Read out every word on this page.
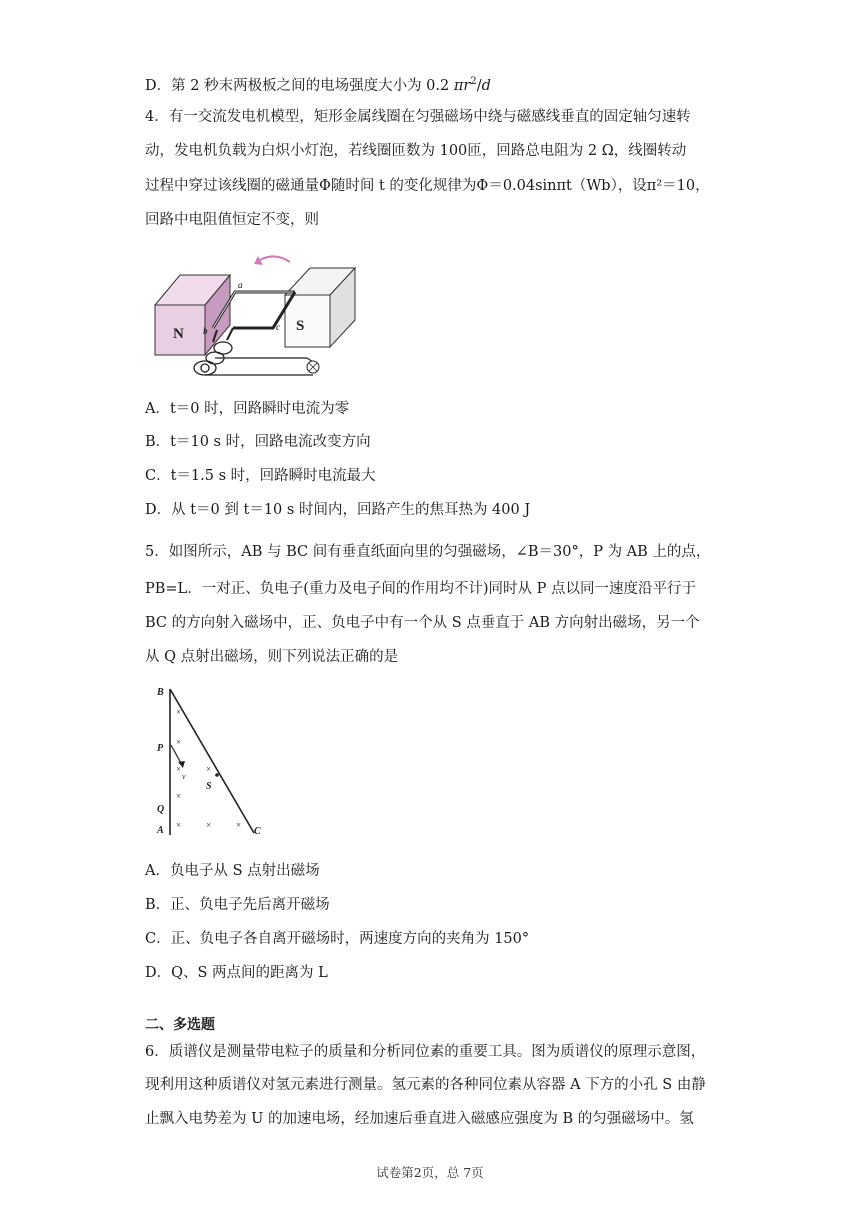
D．第 2 秒末两极板之间的电场强度大小为 0.2 $\pi r^2/d$
4．有一交流发电机模型，矩形金属线圈在匀强磁场中绕与磁感线垂直的固定轴匀速转
动，发电机负载为白炽小灯泡，若线圈匝数为 100匝，回路总电阻为 2 Ω，线圈转动
过程中穿过该线圈的磁通量Φ随时间 t 的变化规律为Φ＝0.04sinπt（Wb），设π²＝10，
回路中电阻值恒定不变，则
N	S
a
b	c
A．t＝0 时，回路瞬时电流为零
B．t＝10 s 时，回路电流改变方向
C．t＝1.5 s 时，回路瞬时电流最大
D．从 t＝0 到 t＝10 s 时间内，回路产生的焦耳热为 400 J
5．如图所示，AB 与 BC 间有垂直纸面向里的匀强磁场，∠B＝30°，P 为 AB 上的点，
PB=L．一对正、负电子(重力及电子间的作用均不计)同时从 P 点以同一速度沿平行于
BC 的方向射入磁场中，正、负电子中有一个从 S 点垂直于 AB 方向射出磁场，另一个
从 Q 点射出磁场，则下列说法正确的是
B
P
Q
A	C
S
v
×
×
×	×
×
×	×	×
A．负电子从 S 点射出磁场
B．正、负电子先后离开磁场
C．正、负电子各自离开磁场时，两速度方向的夹角为 150°
D．Q、S 两点间的距离为 L
二、多选题
6．质谱仪是测量带电粒子的质量和分析同位素的重要工具。图为质谱仪的原理示意图，
现利用这种质谱仪对氢元素进行测量。氢元素的各种同位素从容器 A 下方的小孔 S 由静
止飘入电势差为 U 的加速电场，经加速后垂直进入磁感应强度为 B 的匀强磁场中。氢
试卷第2页，总 7页
